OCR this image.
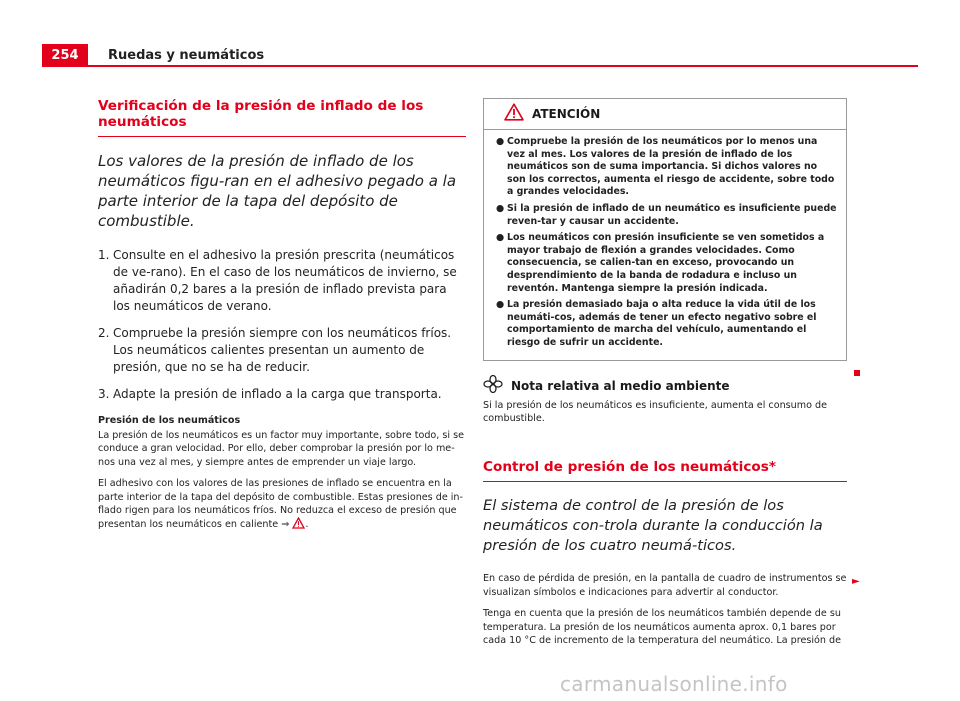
254	Ruedas y neumáticos
Verificación de la presión de inflado de los neumáticos

Los valores de la presión de inflado de los neumáticos figu-ran en el adhesivo pegado a la parte interior de la tapa del depósito de combustible.

1. Consulte en el adhesivo la presión prescrita (neumáticos de ve-rano). En el caso de los neumáticos de invierno, se añadirán 0,2 bares a la presión de inflado prevista para los neumáticos de verano.
2. Compruebe la presión siempre con los neumáticos fríos. Los neumáticos calientes presentan un aumento de presión, que no se ha de reducir.
3. Adapte la presión de inflado a la carga que transporta.
Presión de los neumáticos

La presión de los neumáticos es un factor muy importante, sobre todo, si se conduce a gran velocidad. Por ello, deber comprobar la presión por lo me-nos una vez al mes, y siempre antes de emprender un viaje largo.

El adhesivo con los valores de las presiones de inflado se encuentra en la parte interior de la tapa del depósito de combustible. Estas presiones de in-flado rigen para los neumáticos fríos. No reduzca el exceso de presión que presentan los neumáticos en caliente ⇒ .

ATENCIÓN
● Compruebe la presión de los neumáticos por lo menos una vez al mes. Los valores de la presión de inflado de los neumáticos son de suma importancia. Si dichos valores no son los correctos, aumenta el riesgo de accidente, sobre todo a grandes velocidades.
● Si la presión de inflado de un neumático es insuficiente puede reven-tar y causar un accidente.
● Los neumáticos con presión insuficiente se ven sometidos a mayor trabajo de flexión a grandes velocidades. Como consecuencia, se calien-tan en exceso, provocando un desprendimiento de la banda de rodadura e incluso un reventón. Mantenga siempre la presión indicada.
● La presión demasiado baja o alta reduce la vida útil de los neumáti-cos, además de tener un efecto negativo sobre el comportamiento de marcha del vehículo, aumentando el riesgo de sufrir un accidente.
Nota relativa al medio ambiente

Si la presión de los neumáticos es insuficiente, aumenta el consumo de combustible.

Control de presión de los neumáticos*

El sistema de control de la presión de los neumáticos con-trola durante la conducción la presión de los cuatro neumá-ticos.

En caso de pérdida de presión, en la pantalla de cuadro de instrumentos se visualizan símbolos e indicaciones para advertir al conductor.

Tenga en cuenta que la presión de los neumáticos también depende de su temperatura. La presión de los neumáticos aumenta aprox. 0,1 bares por cada 10 °C de incremento de la temperatura del neumático. La presión de

►
carmanualsonline.info
